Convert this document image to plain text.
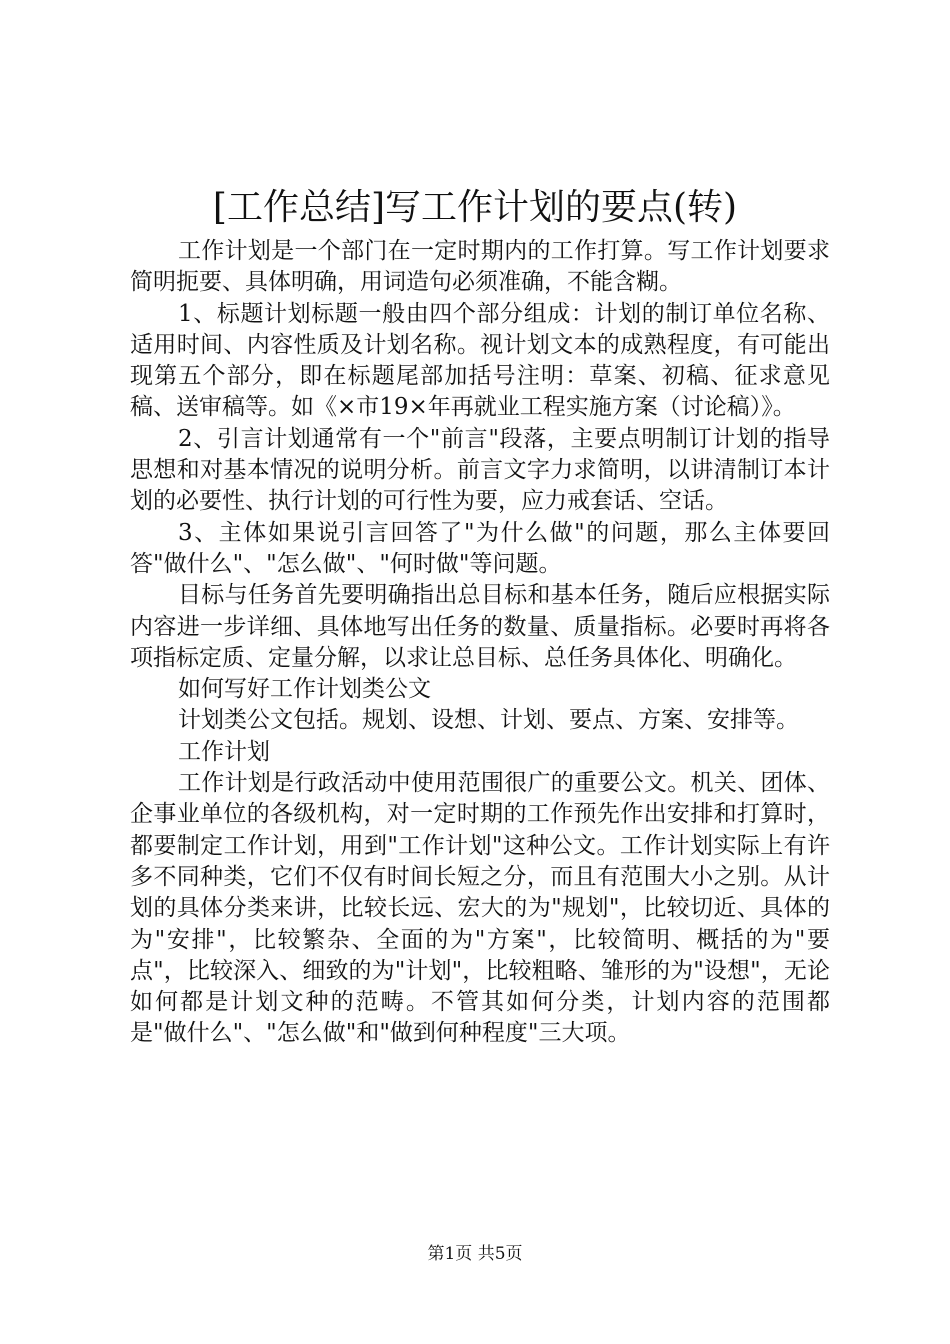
[工作总结]写工作计划的要点(转)

工作计划是一个部门在一定时期内的工作打算。写工作计划要求简明扼要、具体明确，用词造句必须准确，不能含糊。

1、标题计划标题一般由四个部分组成：计划的制订单位名称、适用时间、内容性质及计划名称。视计划文本的成熟程度，有可能出现第五个部分，即在标题尾部加括号注明：草案、初稿、征求意见稿、送审稿等。如《×市19×年再就业工程实施方案（讨论稿）》。

2、引言计划通常有一个"前言"段落，主要点明制订计划的指导思想和对基本情况的说明分析。前言文字力求简明，以讲清制订本计划的必要性、执行计划的可行性为要，应力戒套话、空话。

3、主体如果说引言回答了"为什么做"的问题，那么主体要回答"做什么"、"怎么做"、"何时做"等问题。

目标与任务首先要明确指出总目标和基本任务，随后应根据实际内容进一步详细、具体地写出任务的数量、质量指标。必要时再将各项指标定质、定量分解，以求让总目标、总任务具体化、明确化。

如何写好工作计划类公文

计划类公文包括。规划、设想、计划、要点、方案、安排等。

工作计划

工作计划是行政活动中使用范围很广的重要公文。机关、团体、企事业单位的各级机构，对一定时期的工作预先作出安排和打算时，都要制定工作计划，用到"工作计划"这种公文。工作计划实际上有许多不同种类，它们不仅有时间长短之分，而且有范围大小之别。从计划的具体分类来讲，比较长远、宏大的为"规划"，比较切近、具体的为"安排"，比较繁杂、全面的为"方案"，比较简明、概括的为"要点"，比较深入、细致的为"计划"，比较粗略、雏形的为"设想"，无论如何都是计划文种的范畴。不管其如何分类，计划内容的范围都是"做什么"、"怎么做"和"做到何种程度"三大项。

第1页 共5页
